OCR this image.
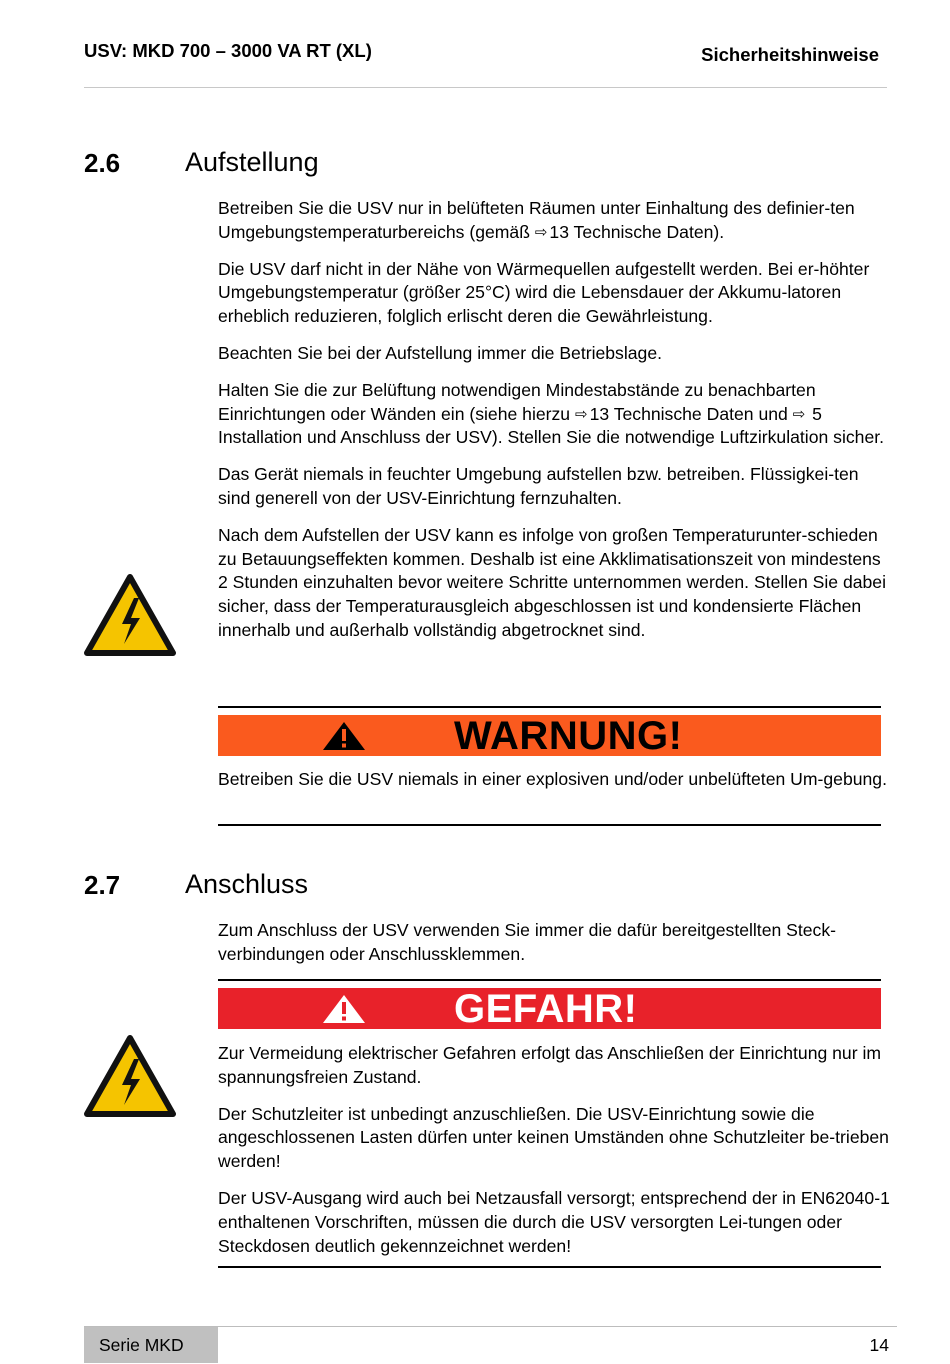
USV: MKD 700 – 3000 VA RT (XL)	Sicherheitshinweise
2.6 Aufstellung

Betreiben Sie die USV nur in belüfteten Räumen unter Einhaltung des definier-ten Umgebungstemperaturbereichs (gemäß ⇨ 13 Technische Daten).

Die USV darf nicht in der Nähe von Wärmequellen aufgestellt werden. Bei er-höhter Umgebungstemperatur (größer 25°C) wird die Lebensdauer der Akkumu-latoren erheblich reduzieren, folglich erlischt deren die Gewährleistung.

Beachten Sie bei der Aufstellung immer die Betriebslage.

Halten Sie die zur Belüftung notwendigen Mindestabstände zu benachbarten Einrichtungen oder Wänden ein (siehe hierzu ⇨ 13 Technische Daten und ⇨ 5 Installation und Anschluss der USV). Stellen Sie die notwendige Luftzirkulation sicher.

Das Gerät niemals in feuchter Umgebung aufstellen bzw. betreiben. Flüssigkei-ten sind generell von der USV-Einrichtung fernzuhalten.

Nach dem Aufstellen der USV kann es infolge von großen Temperaturunter-schieden zu Betauungseffekten kommen. Deshalb ist eine Akklimatisationszeit von mindestens 2 Stunden einzuhalten bevor weitere Schritte unternommen werden. Stellen Sie dabei sicher, dass der Temperaturausgleich abgeschlossen ist und kondensierte Flächen innerhalb und außerhalb vollständig abgetrocknet sind.

WARNUNG!

Betreiben Sie die USV niemals in einer explosiven und/oder unbelüfteten Um-gebung.

2.7 Anschluss

Zum Anschluss der USV verwenden Sie immer die dafür bereitgestellten Steck-verbindungen oder Anschlussklemmen.

GEFAHR!

Zur Vermeidung elektrischer Gefahren erfolgt das Anschließen der Einrichtung nur im spannungsfreien Zustand.

Der Schutzleiter ist unbedingt anzuschließen. Die USV-Einrichtung sowie die angeschlossenen Lasten dürfen unter keinen Umständen ohne Schutzleiter be-trieben werden!

Der USV-Ausgang wird auch bei Netzausfall versorgt; entsprechend der in EN62040-1 enthaltenen Vorschriften, müssen die durch die USV versorgten Lei-tungen oder Steckdosen deutlich gekennzeichnet werden!

Serie MKD	14
